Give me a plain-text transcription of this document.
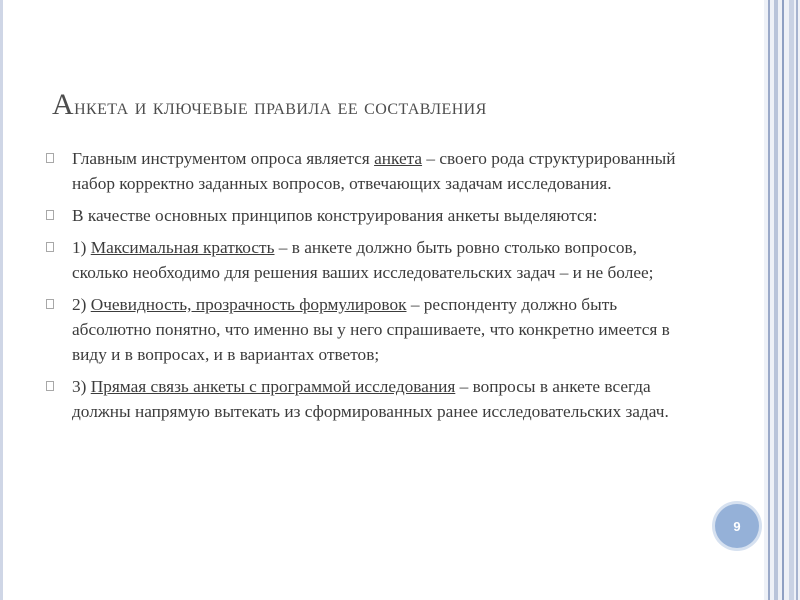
Анкета и ключевые правила ее составления
Главным инструментом опроса является анкета – своего рода структурированный набор корректно заданных вопросов, отвечающих задачам исследования.
В качестве основных принципов конструирования анкеты выделяются:
1) Максимальная краткость – в анкете должно быть ровно столько вопросов, сколько необходимо для решения ваших исследовательских задач – и не более;
2) Очевидность, прозрачность формулировок – респонденту должно быть абсолютно понятно, что именно вы у него спрашиваете, что конкретно имеется в виду и в вопросах, и в вариантах ответов;
3) Прямая связь анкеты с программой исследования – вопросы в анкете всегда должны напрямую вытекать из сформированных ранее исследовательских задач.
9
